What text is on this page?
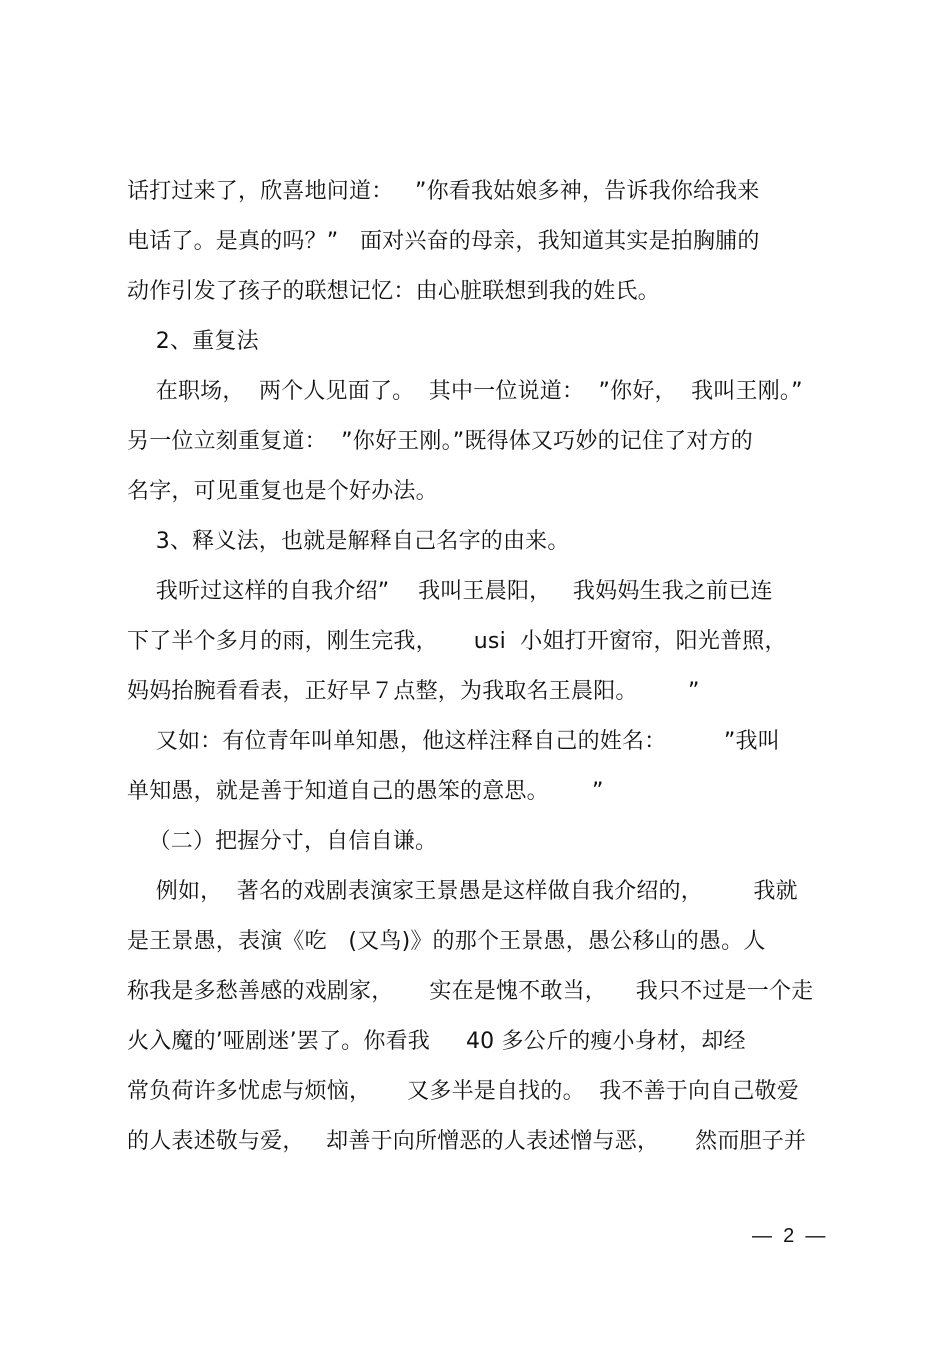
话打过来了，欣喜地问道：   ”你看我姑娘多神，告诉我你给我来
电话了。是真的吗？”   面对兴奋的母亲，我知道其实是拍胸脯的
动作引发了孩子的联想记忆：由心脏联想到我的姓氏。
2、重复法
在职场，  两个人见面了。  其中一位说道：  ”你好，  我叫王刚。”
另一位立刻重复道：  ”你好王刚。”既得体又巧妙的记住了对方的
名字，可见重复也是个好办法。
3、释义法，也就是解释自己名字的由来。
我听过这样的自我介绍”    我叫王晨阳，   我妈妈生我之前已连
下了半个多月的雨，刚生完我，     usi  小姐打开窗帘，阳光普照，
妈妈抬腕看看表，正好早７点整，为我取名王晨阳。       ”
又如：有位青年叫单知愚，他这样注释自己的姓名：        ”我叫
单知愚，就是善于知道自己的愚笨的意思。      ”
（二）把握分寸，自信自谦。
例如，  著名的戏剧表演家王景愚是这样做自我介绍的，       我就
是王景愚，表演《吃   (又鸟)》的那个王景愚，愚公移山的愚。人
称我是多愁善感的戏剧家，     实在是愧不敢当，    我只不过是一个走
火入魔的’哑剧迷’罢了。你看我     40 多公斤的瘦小身材，却经
常负荷许多忧虑与烦恼，     又多半是自找的。  我不善于向自己敬爱
的人表述敬与爱，   却善于向所憎恶的人表述憎与恶，     然而胆子并
—  2  —
